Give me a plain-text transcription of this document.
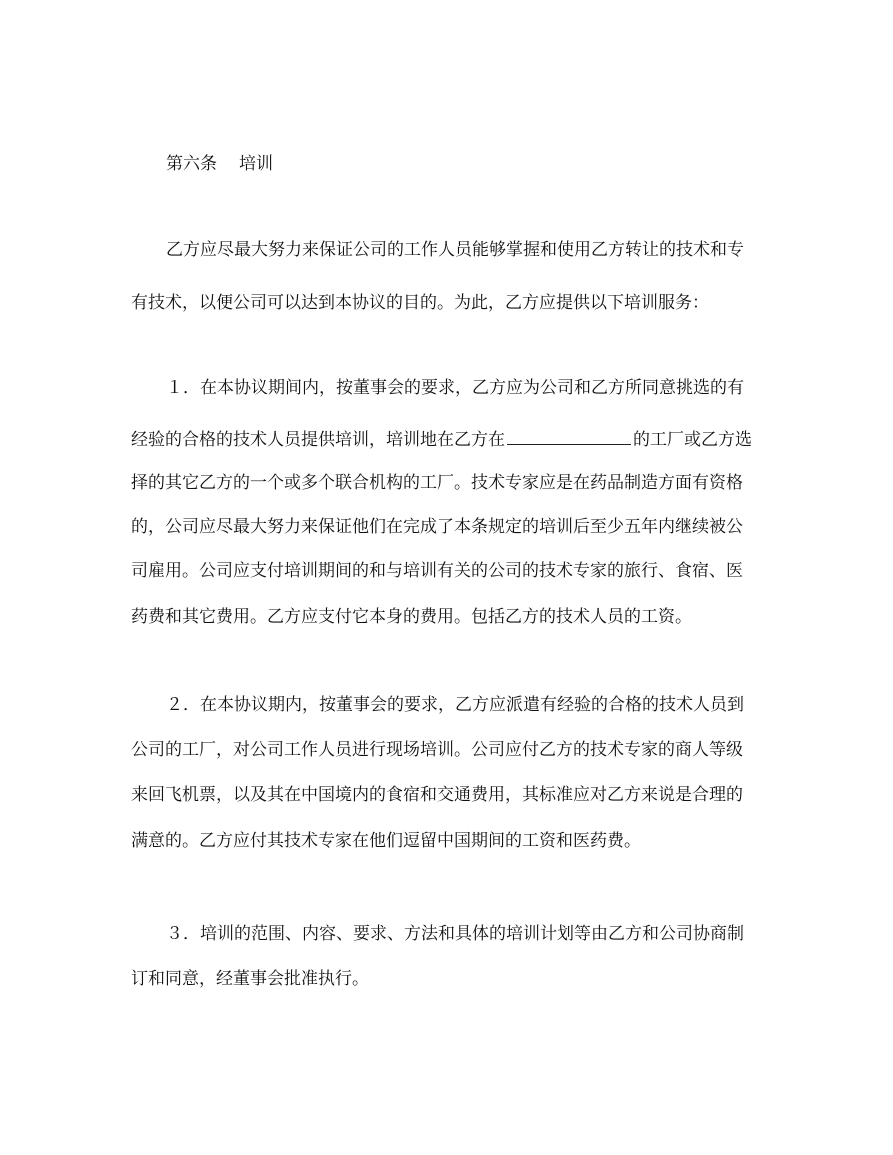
第六条 培训
乙方应尽最大努力来保证公司的工作人员能够掌握和使用乙方转让的技术和专
有技术，以便公司可以达到本协议的目的。为此，乙方应提供以下培训服务：
１．在本协议期间内，按董事会的要求，乙方应为公司和乙方所同意挑选的有
经验的合格的技术人员提供培训，培训地在乙方在	的工厂或乙方选
择的其它乙方的一个或多个联合机构的工厂。技术专家应是在药品制造方面有资格
的，公司应尽最大努力来保证他们在完成了本条规定的培训后至少五年内继续被公
司雇用。公司应支付培训期间的和与培训有关的公司的技术专家的旅行、食宿、医
药费和其它费用。乙方应支付它本身的费用。包括乙方的技术人员的工资。
２．在本协议期内，按董事会的要求，乙方应派遣有经验的合格的技术人员到
公司的工厂，对公司工作人员进行现场培训。公司应付乙方的技术专家的商人等级
来回飞机票，以及其在中国境内的食宿和交通费用，其标准应对乙方来说是合理的
满意的。乙方应付其技术专家在他们逗留中国期间的工资和医药费。
３．培训的范围、内容、要求、方法和具体的培训计划等由乙方和公司协商制
订和同意，经董事会批准执行。
